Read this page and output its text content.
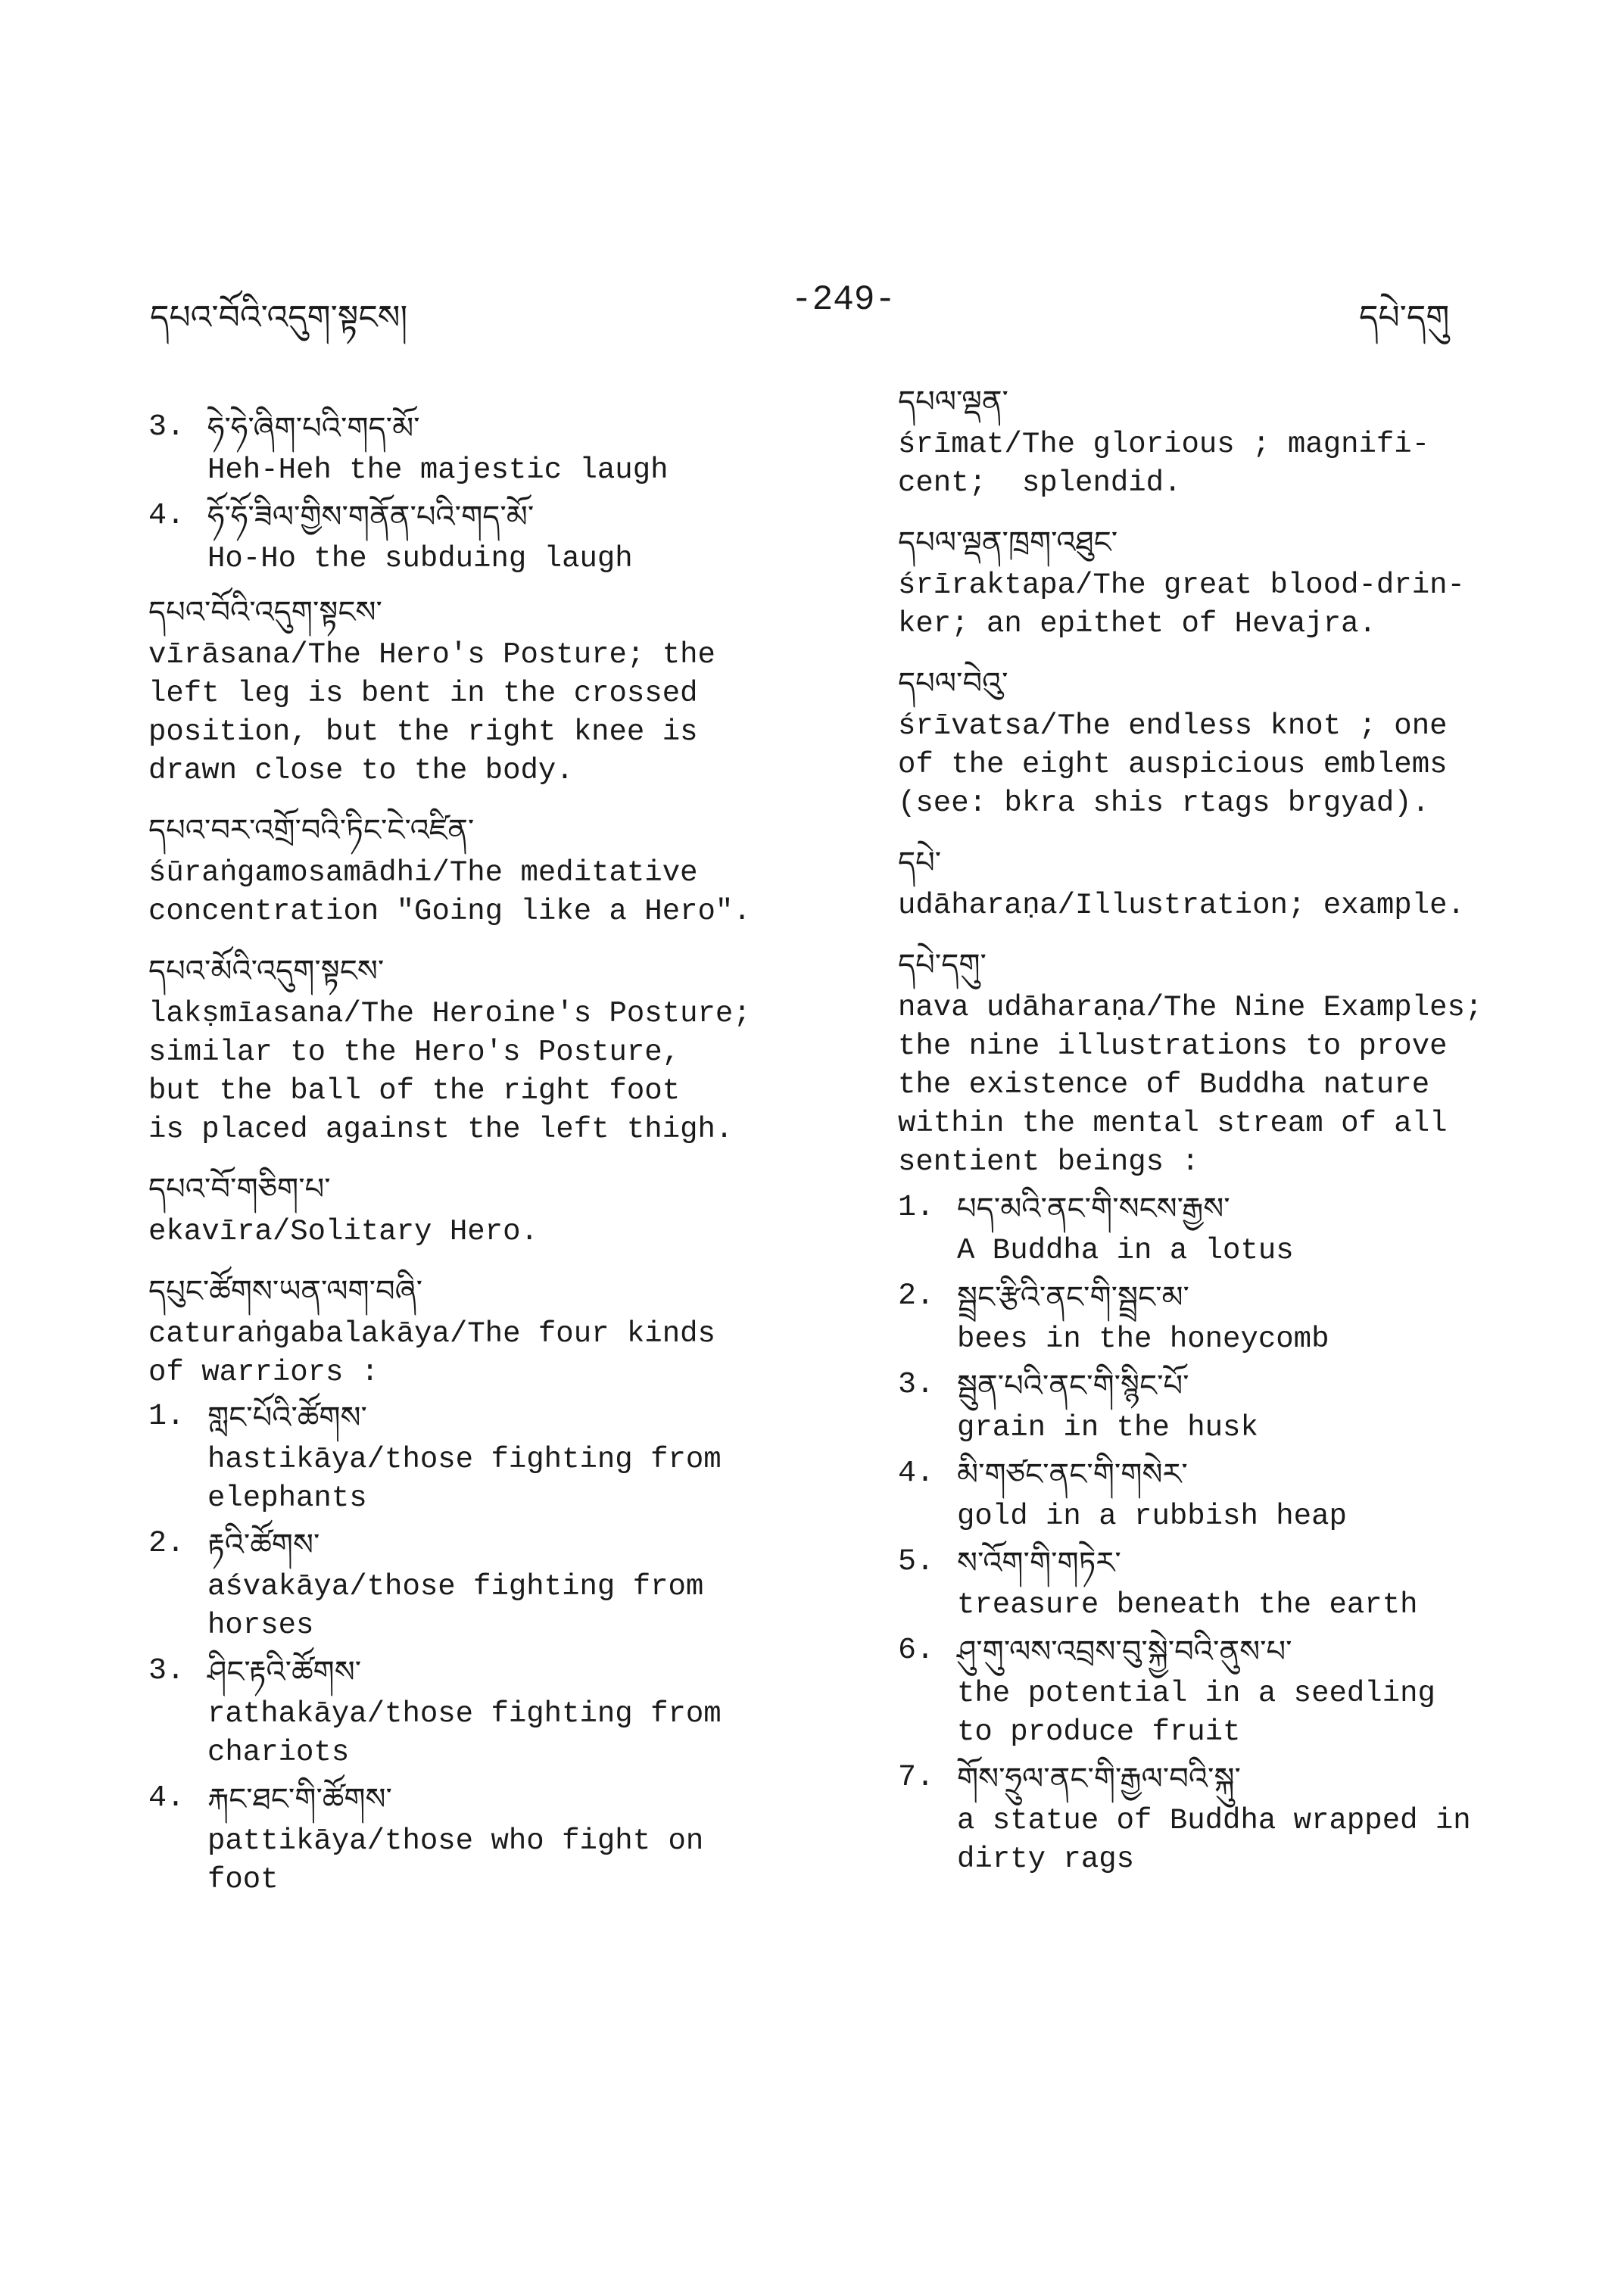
དཔའ་བོའི་འདུག་སྟངས།	-249-	དཔེ་དགུ
3. ཧེ་ཧེ་ཞིག་པའི་གད་མོ་
Heh-Heh the majestic laugh
4. ཧོ་ཧོ་ཟིལ་གྱིས་གནོན་པའི་གད་མོ་
Ho-Ho the subduing laugh
དཔའ་བོའི་འདུག་སྟངས་
vīrāsana/The Hero's Posture; the
left leg is bent in the crossed
position, but the right knee is
drawn close to the body.
དཔའ་བར་འགྲོ་བའི་ཏིང་ངེ་འཛིན་
śūraṅgamosamādhi/The meditative
concentration "Going like a Hero".
དཔའ་མོའི་འདུག་སྟངས་
lakṣmīasana/The Heroine's Posture;
similar to the Hero's Posture,
but the ball of the right foot
is placed against the left thigh.
དཔའ་བོ་གཅིག་པ་
ekavīra/Solitary Hero.
དཔུང་ཚོགས་ཡན་ལག་བཞི་
caturaṅgabalakāya/The four kinds
of warriors :
1. གླང་པོའི་ཚོགས་
hastikāya/those fighting from
elephants
2. རྟའི་ཚོགས་
aśvakāya/those fighting from
horses
3. ཤིང་རྟའི་ཚོགས་
rathakāya/those fighting from
chariots
4. རྐང་ཐང་གི་ཚོགས་
pattikāya/those who fight on
foot
དཔལ་ལྡན་
śrīmat/The glorious ; magnifi-
cent;  splendid.
དཔལ་ལྡན་ཁྲག་འཐུང་
śrīraktapa/The great blood-drin-
ker; an epithet of Hevajra.
དཔལ་བེའུ་
śrīvatsa/The endless knot ; one
of the eight auspicious emblems
(see: bkra shis rtags brgyad).
དཔེ་
udāharaṇa/Illustration; example.
དཔེ་དགུ་
nava udāharaṇa/The Nine Examples;
the nine illustrations to prove
the existence of Buddha nature
within the mental stream of all
sentient beings :
1. པད་མའི་ནང་གི་སངས་རྒྱས་
A Buddha in a lotus
2. སྦྲང་རྩིའི་ནང་གི་སྦྲང་མ་
bees in the honeycomb
3. སྦུན་པའི་ནང་གི་སྙིང་པོ་
grain in the husk
4. མི་གཙང་ནང་གི་གསེར་
gold in a rubbish heap
5. ས་འོག་གི་གཏེར་
treasure beneath the earth
6. ཤུ་གུ་ལས་འབྲས་བུ་སྐྱེ་བའི་ནུས་པ་
the potential in a seedling
to produce fruit
7. གོས་ཧྲུལ་ནང་གི་རྒྱལ་བའི་སྐུ་
a statue of Buddha wrapped in
dirty rags
